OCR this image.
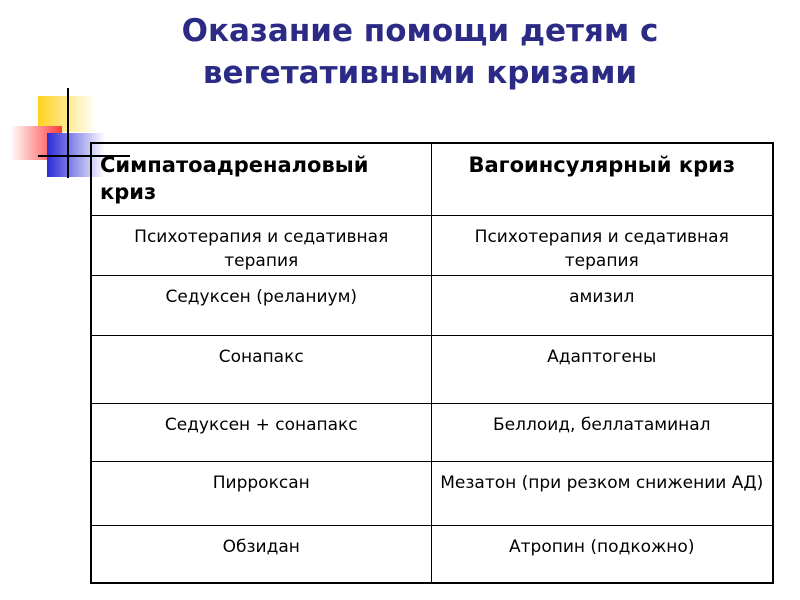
Оказание помощи детям с
вегетативными кризами
Симпатоадреналовый криз	Вагоинсулярный криз
Психотерапия и седативная терапия	Психотерапия и седативная терапия
Седуксен (реланиум)	амизил
Сонапакс	Адаптогены
Седуксен + сонапакс	Беллоид, беллатаминал
Пирроксан	Мезатон (при резком снижении АД)
Обзидан	Атропин (подкожно)
